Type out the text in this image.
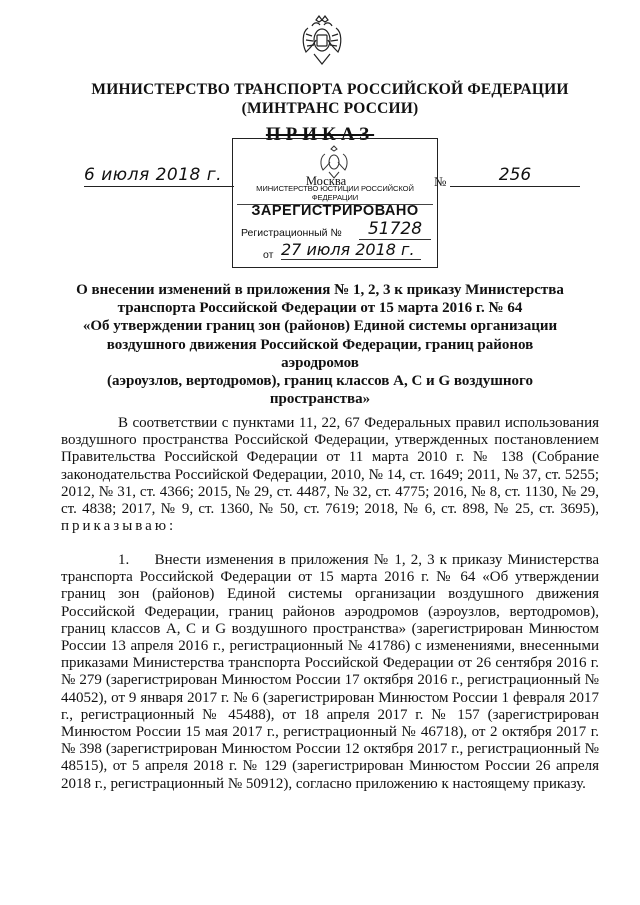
МИНИСТЕРСТВО ТРАНСПОРТА РОССИЙСКОЙ ФЕДЕРАЦИИ
(МИНТРАНС РОССИИ)
ПРИКАЗ
6 июля 2018 г.	Москва	№	256
МИНИСТЕРСТВО ЮСТИЦИИ РОССИЙСКОЙ ФЕДЕРАЦИИ
ЗАРЕГИСТРИРОВАНО
Регистрационный №	51728
от 27 июля 2018 г.
О внесении изменений в приложения № 1, 2, 3 к приказу Министерства
транспорта Российской Федерации от 15 марта 2016 г. № 64
«Об утверждении границ зон (районов) Единой системы организации
воздушного движения Российской Федерации, границ районов аэродромов
(аэроузлов, вертодромов), границ классов А, С и G воздушного
пространства»
В соответствии с пунктами 11, 22, 67 Федеральных правил использования воздушного пространства Российской Федерации, утвержденных постановлением Правительства Российской Федерации от 11 марта 2010 г. № 138 (Собрание законодательства Российской Федерации, 2010, № 14, ст. 1649; 2011, № 37, ст. 5255; 2012, № 31, ст. 4366; 2015, № 29, ст. 4487, № 32, ст. 4775; 2016, № 8, ст. 1130, № 29, ст. 4838; 2017, № 9, ст. 1360, № 50, ст. 7619; 2018, № 6, ст. 898, № 25, ст. 3695), приказываю:
1.     Внести изменения в приложения № 1, 2, 3 к приказу Министерства транспорта Российской Федерации от 15 марта 2016 г. № 64 «Об утверждении границ зон (районов) Единой системы организации воздушного движения Российской Федерации, границ районов аэродромов (аэроузлов, вертодромов), границ классов А, С и G воздушного пространства» (зарегистрирован Минюстом России 13 апреля 2016 г., регистрационный № 41786) с изменениями, внесенными приказами Министерства транспорта Российской Федерации от 26 сентября 2016 г. № 279 (зарегистрирован Минюстом России 17 октября 2016 г., регистрационный № 44052), от 9 января 2017 г. № 6 (зарегистрирован Минюстом России 1 февраля 2017 г., регистрационный № 45488), от 18 апреля 2017 г. № 157 (зарегистрирован Минюстом России 15 мая 2017 г., регистрационный № 46718), от 2 октября 2017 г. № 398 (зарегистрирован Минюстом России 12 октября 2017 г., регистрационный № 48515), от 5 апреля 2018 г. № 129 (зарегистрирован Минюстом России 26 апреля 2018 г., регистрационный № 50912), согласно приложению к настоящему приказу.
